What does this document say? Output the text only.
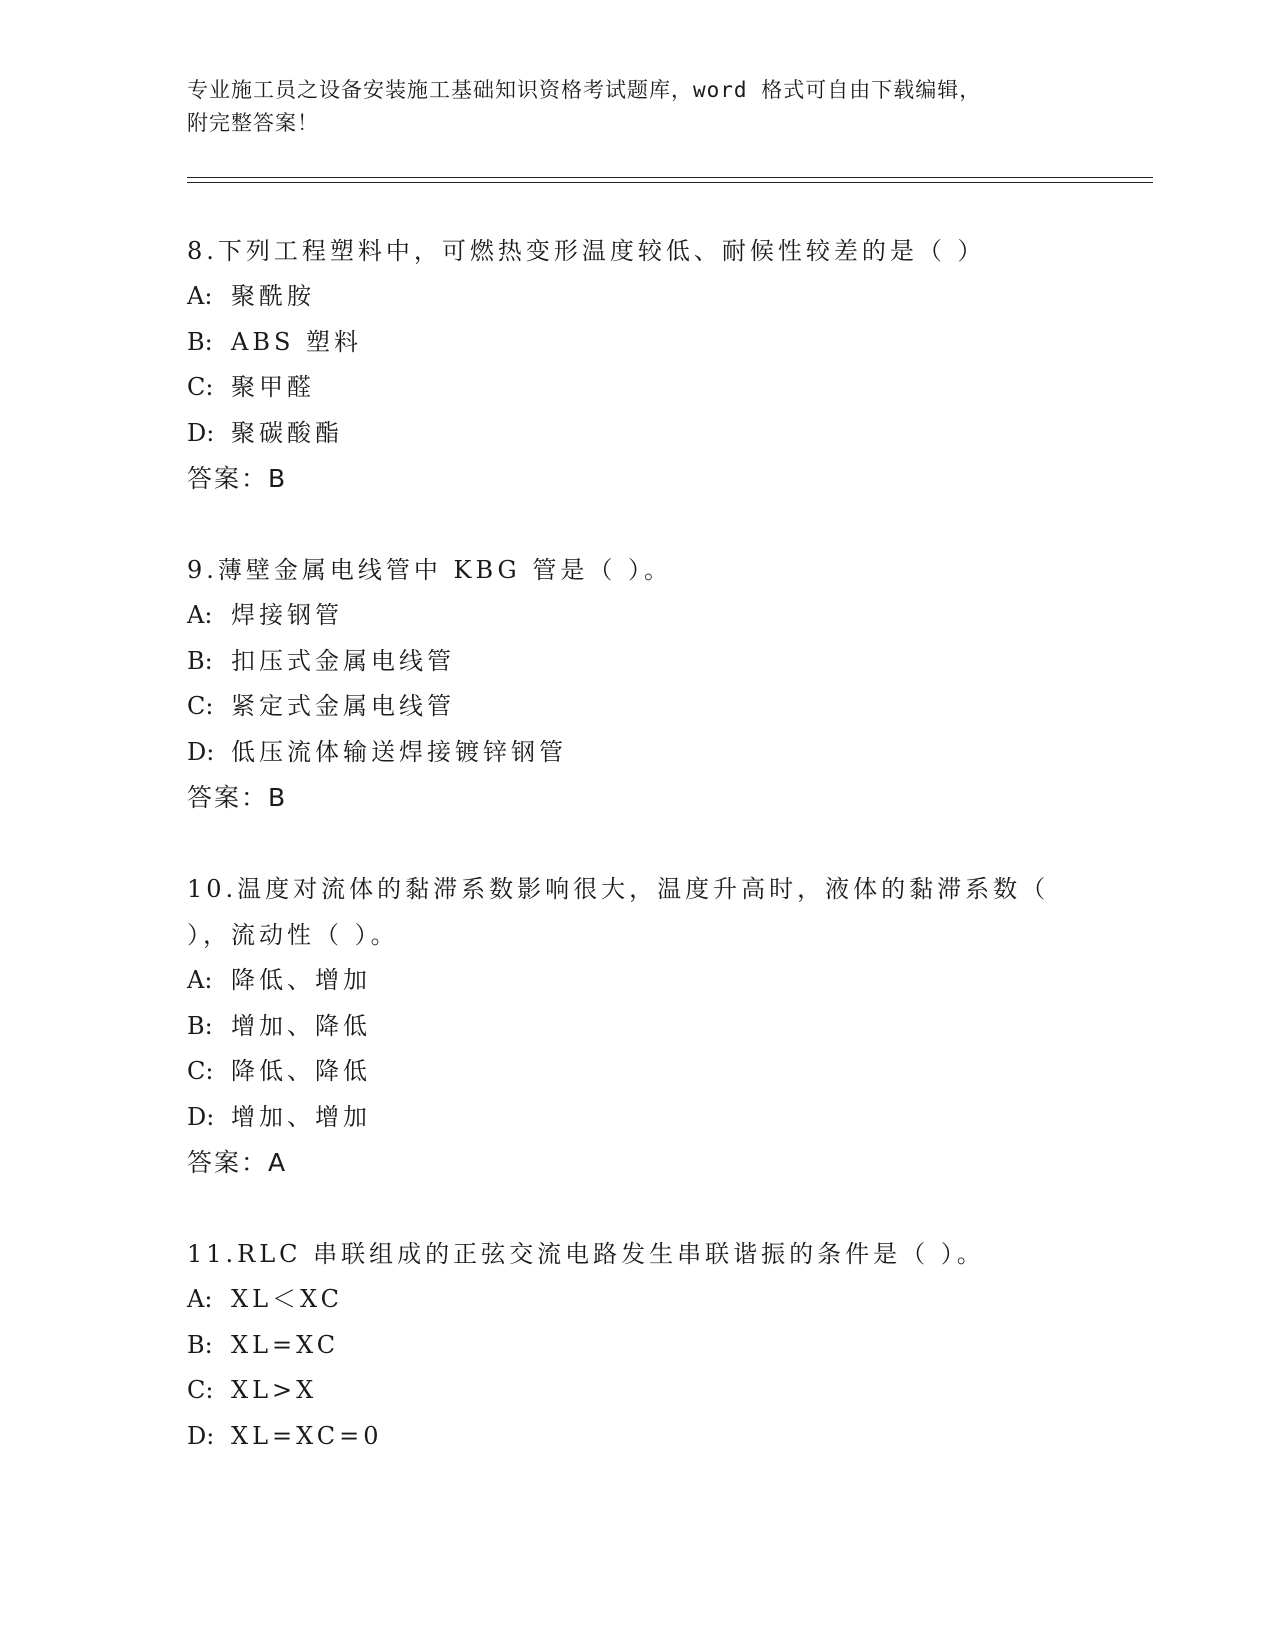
专业施工员之设备安装施工基础知识资格考试题库，word 格式可自由下载编辑，
附完整答案！
8.下列工程塑料中，可燃热变形温度较低、耐候性较差的是（ ）
A: 聚酰胺
B: ABS 塑料
C: 聚甲醛
D: 聚碳酸酯
答案：B
9.薄壁金属电线管中 KBG 管是（ ）。
A: 焊接钢管
B: 扣压式金属电线管
C: 紧定式金属电线管
D: 低压流体输送焊接镀锌钢管
答案：B
10.温度对流体的黏滞系数影响很大，温度升高时，液体的黏滞系数（
），流动性（ ）。
A: 降低、增加
B: 增加、降低
C: 降低、降低
D: 增加、增加
答案：A
11.RLC 串联组成的正弦交流电路发生串联谐振的条件是（ ）。
A: XL＜XC
B: XL=XC
C: XL>X
D: XL=XC=0
